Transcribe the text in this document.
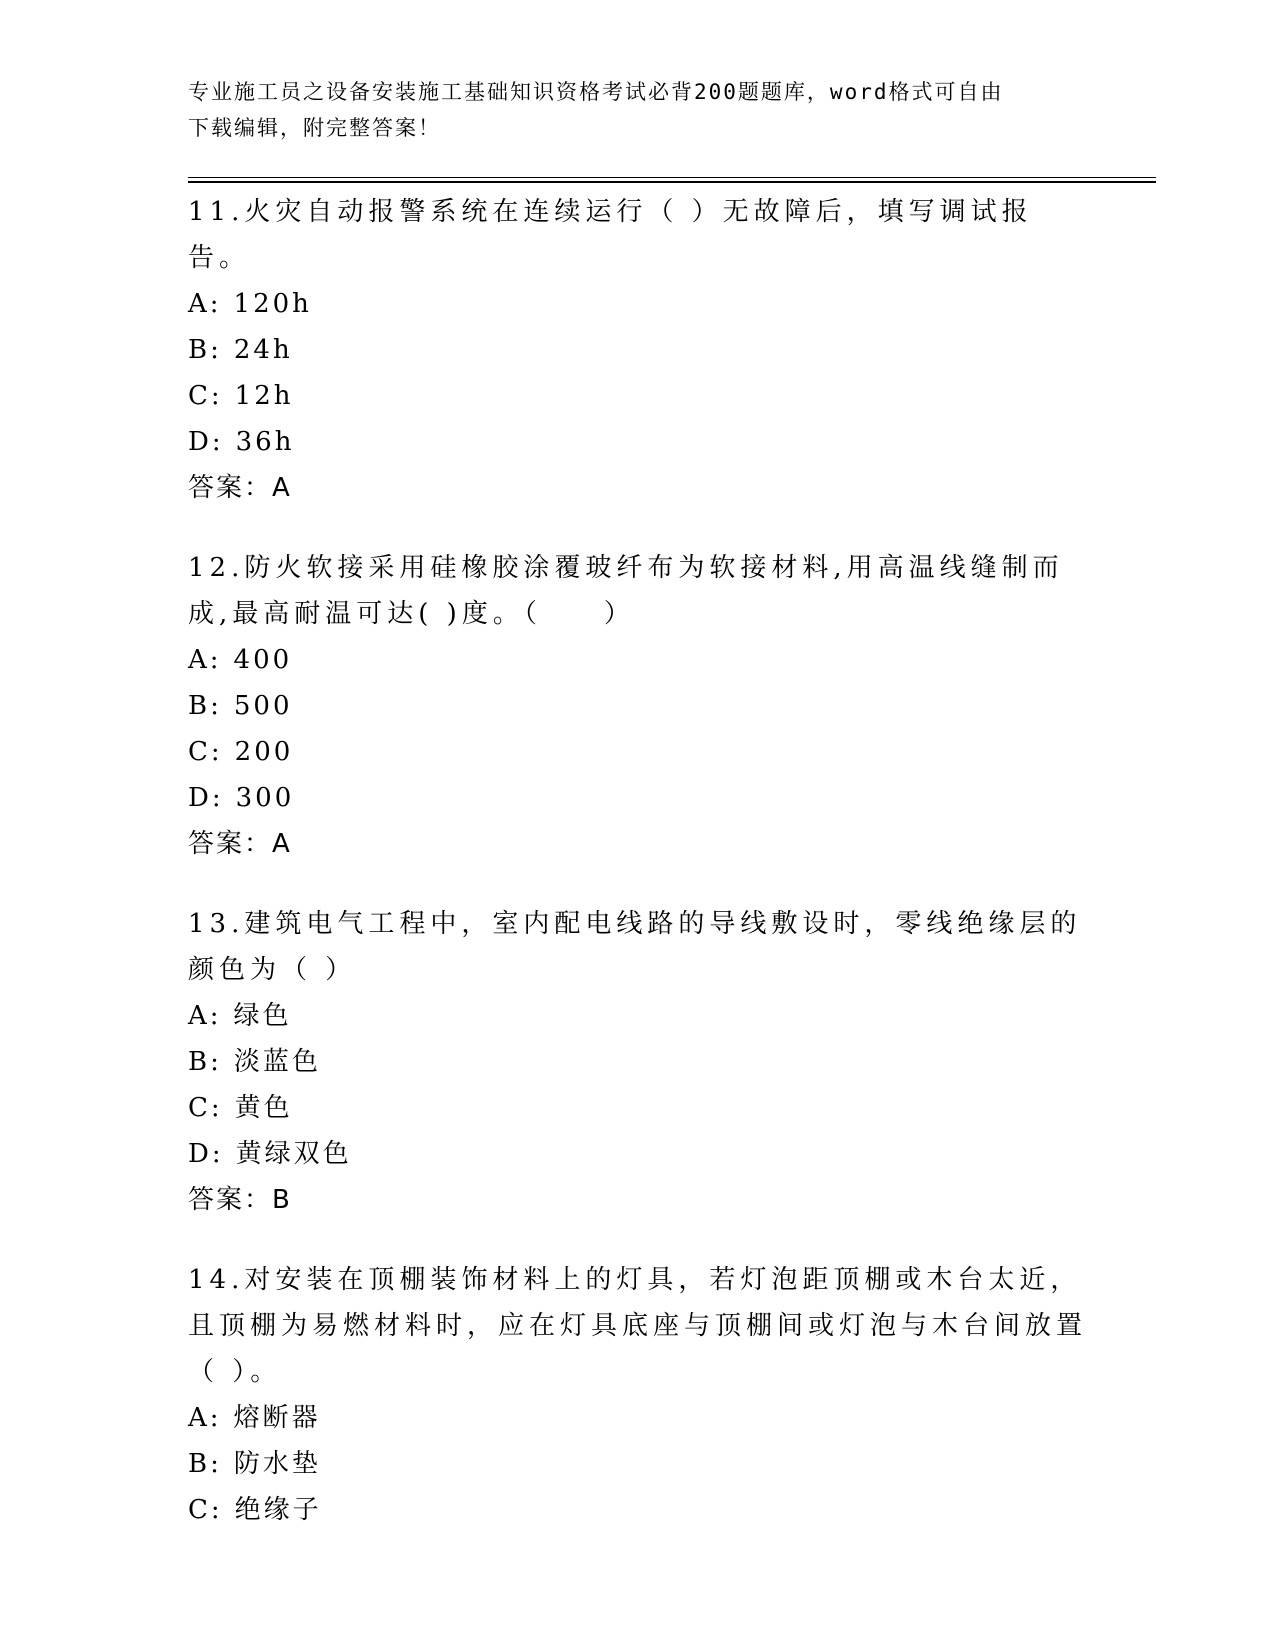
专业施工员之设备安装施工基础知识资格考试必背200题题库，word格式可自由
下载编辑，附完整答案！
11.火灾自动报警系统在连续运行（ ）无故障后，填写调试报告。
A: 120h
B: 24h
C: 12h
D: 36h
答案：A
12.防火软接采用硅橡胶涂覆玻纤布为软接材料,用高温线缝制而成,最高耐温可达( )度。（　　）
A: 400
B: 500
C: 200
D: 300
答案：A
13.建筑电气工程中，室内配电线路的导线敷设时，零线绝缘层的颜色为（ ）
A: 绿色
B: 淡蓝色
C: 黄色
D: 黄绿双色
答案：B
14.对安装在顶棚装饰材料上的灯具，若灯泡距顶棚或木台太近，且顶棚为易燃材料时，应在灯具底座与顶棚间或灯泡与木台间放置（ ）。
A: 熔断器
B: 防水垫
C: 绝缘子
